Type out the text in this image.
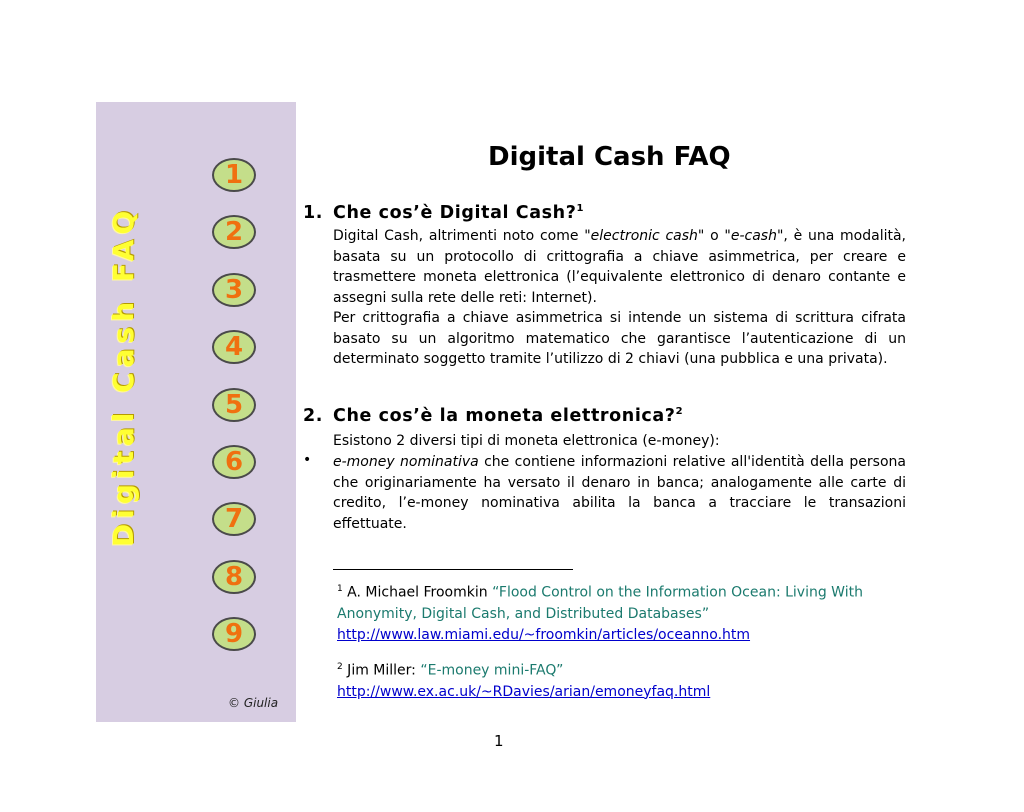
Digital Cash FAQ
1
2
3
4
5
6
7
8
9
© Giulia
Digital Cash FAQ
1. Che cos’è Digital Cash?$^1$

Digital Cash, altrimenti noto come "electronic cash" o "e-cash", è una modalità, basata su un protocollo di crittografia a chiave asimmetrica, per creare e trasmettere moneta elettronica (l’equivalente elettronico di denaro contante e assegni sulla rete delle reti: Internet).

Per crittografia a chiave asimmetrica si intende un sistema di scrittura cifrata basato su un algoritmo matematico che garantisce l’autenticazione di un determinato soggetto tramite l’utilizzo di 2 chiavi (una pubblica e una privata).

2. Che cos’è la moneta elettronica?$^2$

Esistono 2 diversi tipi di moneta elettronica (e-money):

• e-money nominativa che contiene informazioni relative all'identità della persona che originariamente ha versato il denaro in banca; analogamente alle carte di credito, l’e-money nominativa abilita la banca a tracciare le transazioni effettuate.

$^1$ A. Michael Froomkin “Flood Control on the Information Ocean: Living With Anonymity, Digital Cash, and Distributed Databases”
http://www.law.miami.edu/~froomkin/articles/oceanno.htm
$^2$ Jim Miller: “E-money mini-FAQ”
http://www.ex.ac.uk/~RDavies/arian/emoneyfaq.html
1
